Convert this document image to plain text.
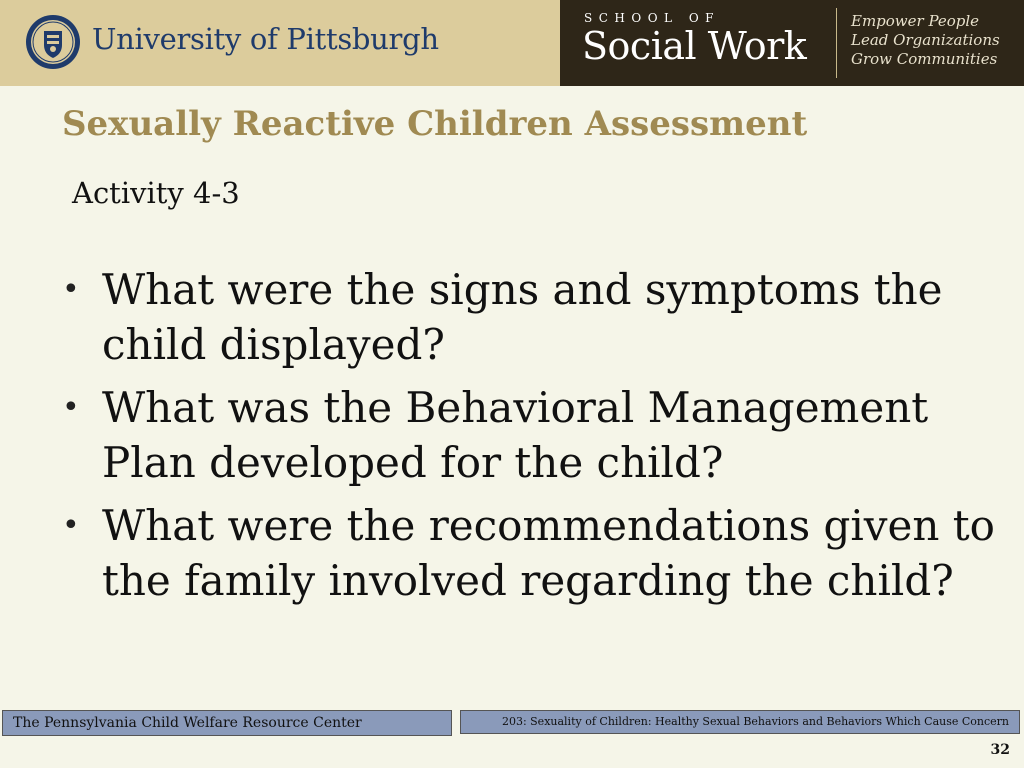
University of Pittsburgh
SCHOOL OF
Social Work
Empower People
Lead Organizations
Grow Communities
Sexually Reactive Children Assessment
Activity 4-3
• What were the signs and symptoms the child displayed?
• What was the Behavioral Management Plan developed for the child?
• What were the recommendations given to the family involved regarding the child?
The Pennsylvania Child Welfare Resource Center	203: Sexuality of Children: Healthy Sexual Behaviors and Behaviors Which Cause Concern
32
